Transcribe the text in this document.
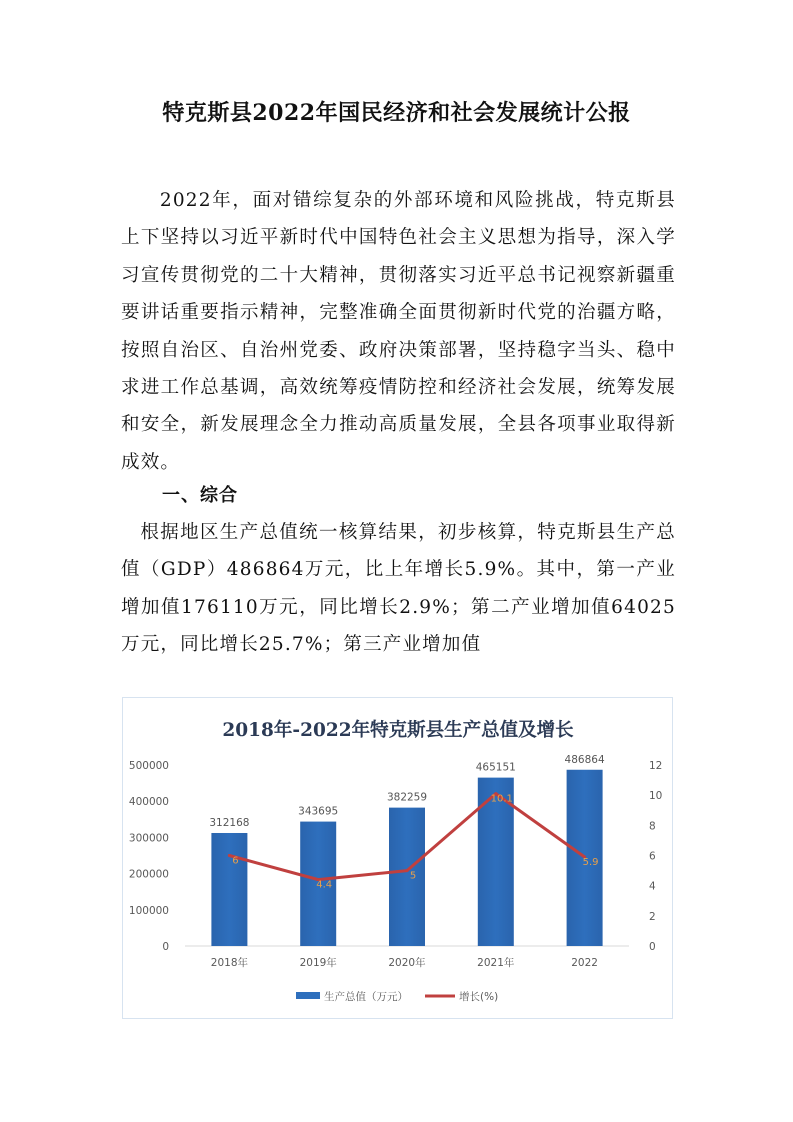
特克斯县2022年国民经济和社会发展统计公报
2022年，面对错综复杂的外部环境和风险挑战，特克斯县上下坚持以习近平新时代中国特色社会主义思想为指导，深入学习宣传贯彻党的二十大精神，贯彻落实习近平总书记视察新疆重要讲话重要指示精神，完整准确全面贯彻新时代党的治疆方略，按照自治区、自治州党委、政府决策部署，坚持稳字当头、稳中求进工作总基调，高效统筹疫情防控和经济社会发展，统筹发展和安全，新发展理念全力推动高质量发展，全县各项事业取得新成效。
一、综合
根据地区生产总值统一核算结果，初步核算，特克斯县生产总值（GDP）486864万元，比上年增长5.9%。其中，第一产业增加值176110万元，同比增长2.9%；第二产业增加值64025万元，同比增长25.7%；第三产业增加值
2018年-2022年特克斯县生产总值及增长
0
100000
200000
300000
400000
500000
0
2
4
6
8
10
12
312168
2018年
343695
2019年
382259
2020年
465151
2021年
486864
2022
6
4.4
5
10.1
5.9
生产总值（万元）	增长(%)
